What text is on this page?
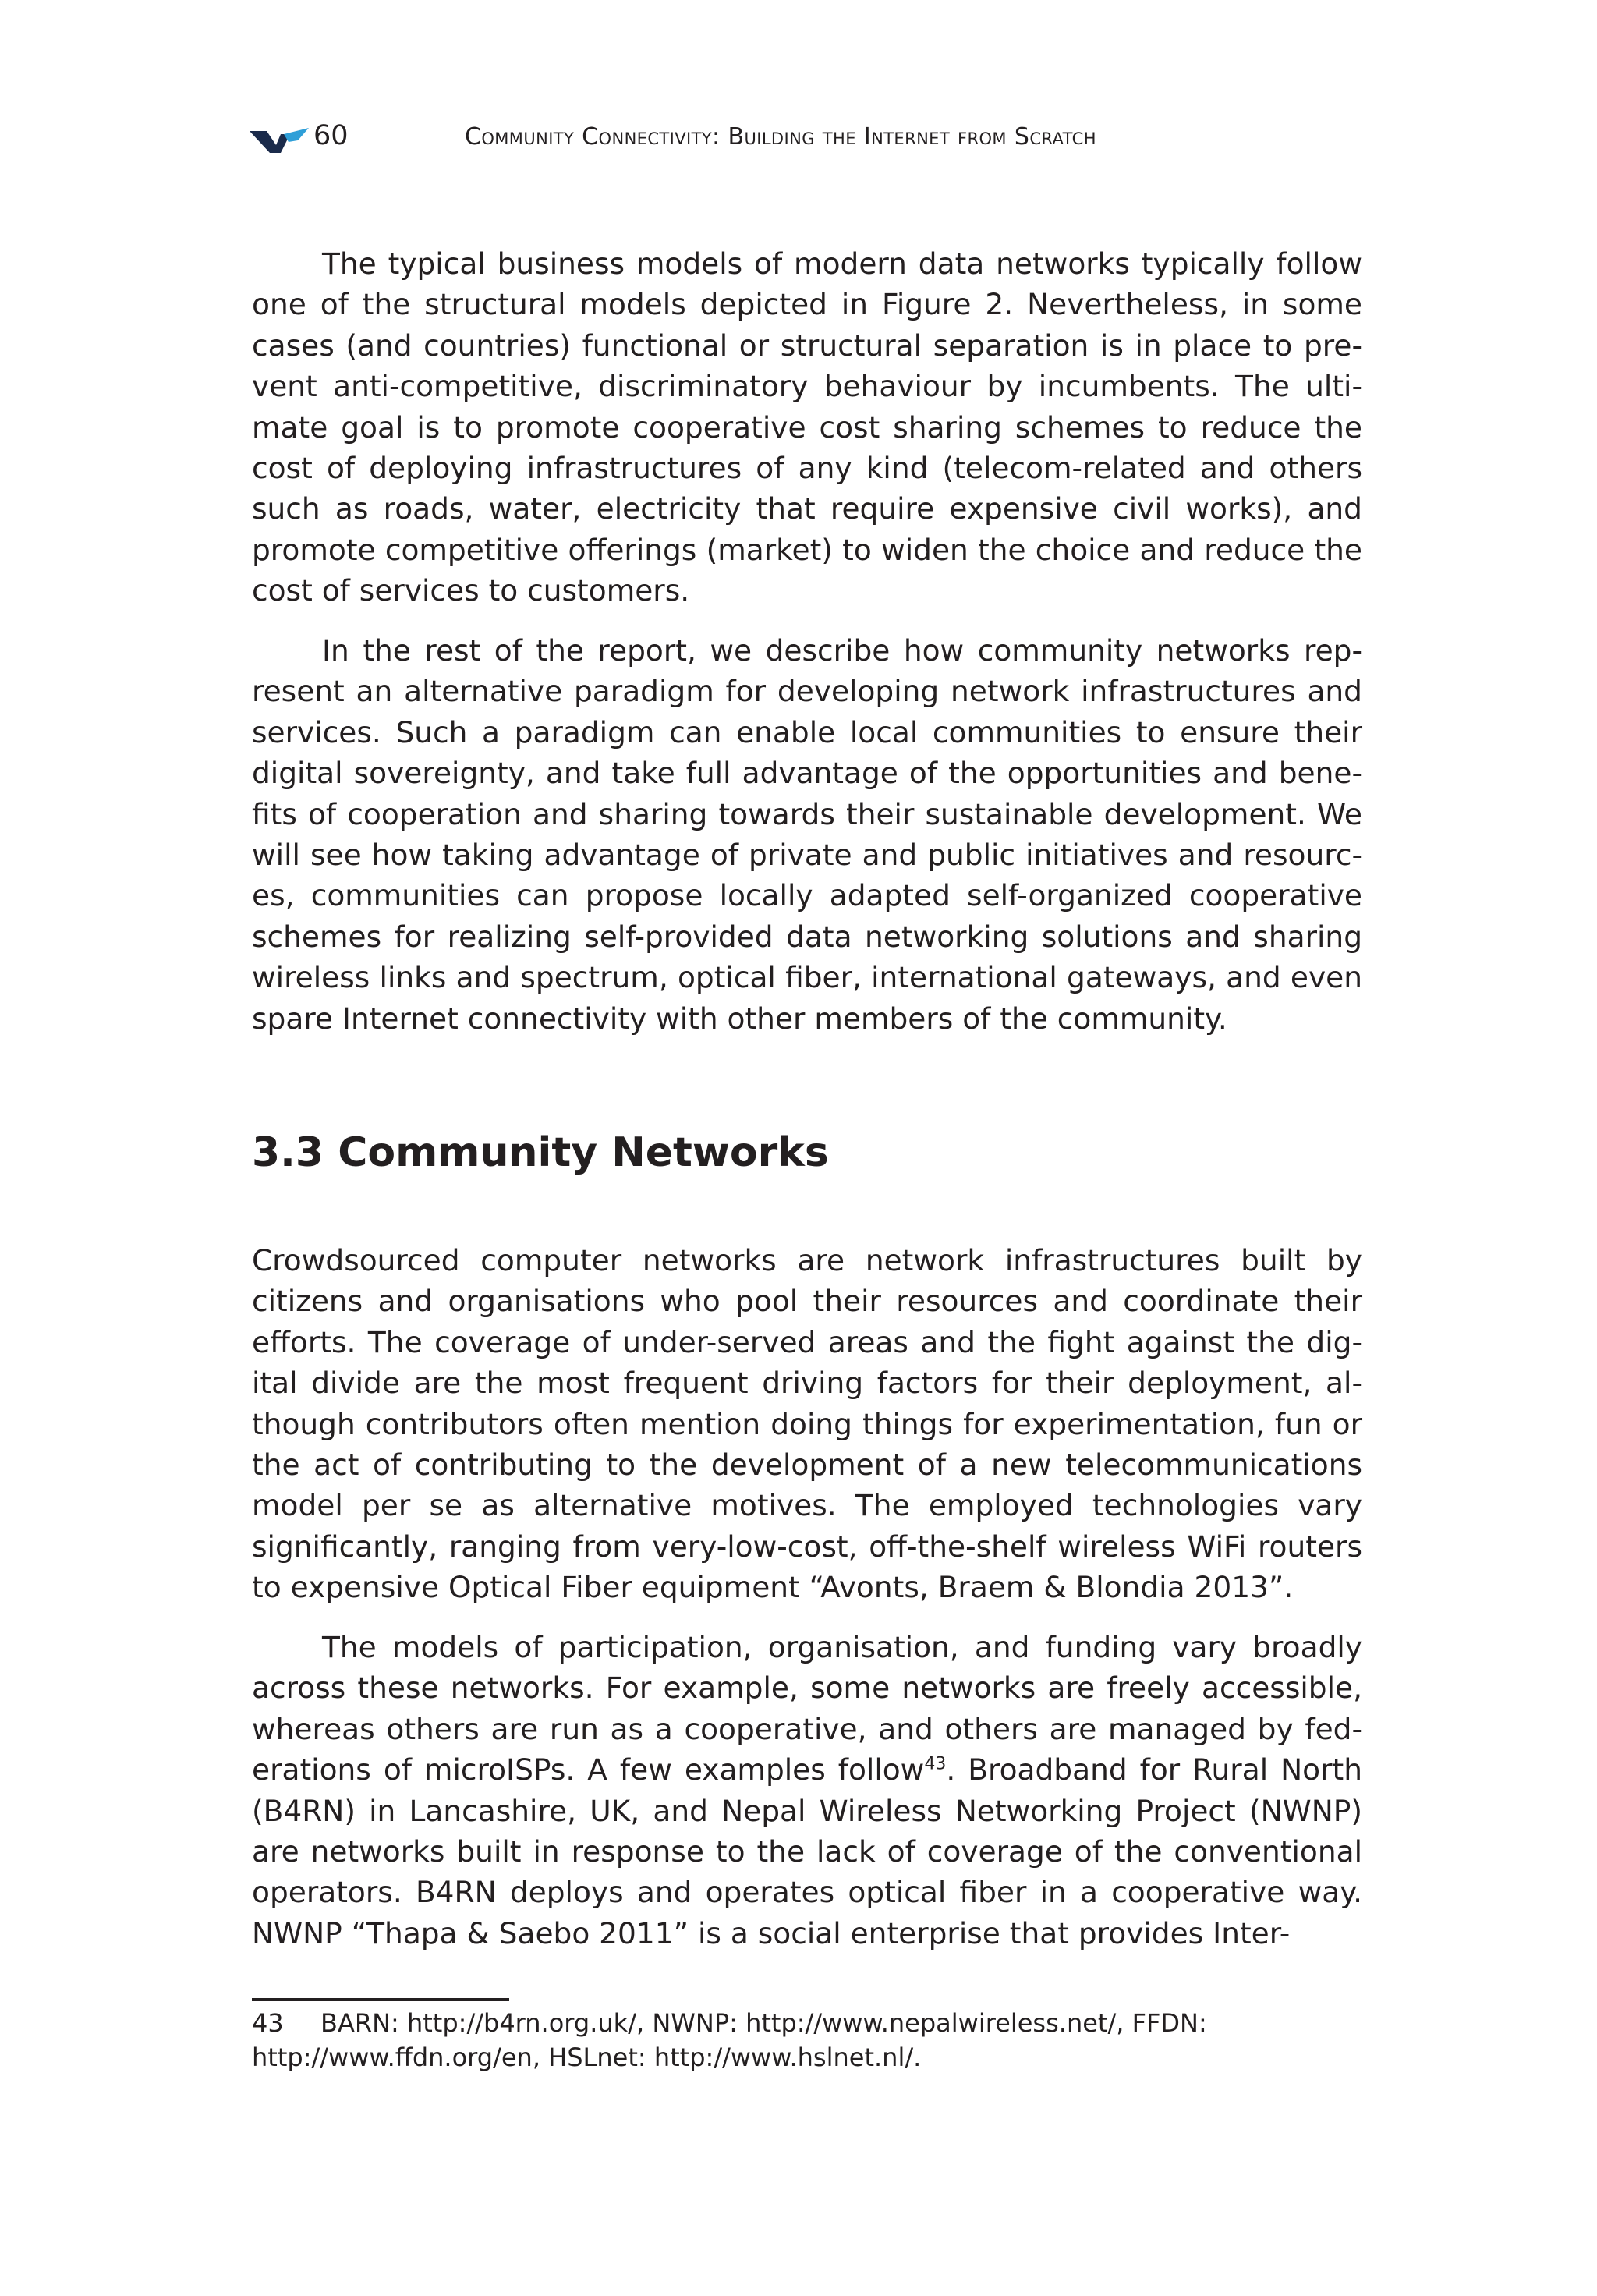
60	Community Connectivity: Building the Internet from Scratch

The typical business models of modern data networks typically follow one of the structural models depicted in Figure 2. Nevertheless, in some cases (and countries) functional or structural separation is in place to prevent anti-competitive, discriminatory behaviour by incumbents. The ultimate goal is to promote cooperative cost sharing schemes to reduce the cost of deploying infrastructures of any kind (telecom-related and others such as roads, water, electricity that require expensive civil works), and promote competitive offerings (market) to widen the choice and reduce the cost of services to customers.

In the rest of the report, we describe how community networks represent an alternative paradigm for developing network infrastructures and services. Such a paradigm can enable local communities to ensure their digital sovereignty, and take full advantage of the opportunities and benefits of cooperation and sharing towards their sustainable development. We will see how taking advantage of private and public initiatives and resources, communities can propose locally adapted self-organized cooperative schemes for realizing self-provided data networking solutions and sharing wireless links and spectrum, optical fiber, international gateways, and even spare Internet connectivity with other members of the community.

3.3 Community Networks

Crowdsourced computer networks are network infrastructures built by citizens and organisations who pool their resources and coordinate their efforts. The coverage of under-served areas and the fight against the digital divide are the most frequent driving factors for their deployment, although contributors often mention doing things for experimentation, fun or the act of contributing to the development of a new telecommunications model per se as alternative motives. The employed technologies vary significantly, ranging from very-low-cost, off-the-shelf wireless WiFi routers to expensive Optical Fiber equipment “Avonts, Braem & Blondia 2013”.

The models of participation, organisation, and funding vary broadly across these networks. For example, some networks are freely accessible, whereas others are run as a cooperative, and others are managed by federations of microISPs. A few examples follow$^{43}$. Broadband for Rural North (B4RN) in Lancashire, UK, and Nepal Wireless Networking Project (NWNP) are networks built in response to the lack of coverage of the conventional operators. B4RN deploys and operates optical fiber in a cooperative way. NWNP “Thapa & Saebo 2011” is a social enterprise that provides Inter-

43 BARN: http://b4rn.org.uk/, NWNP: http://www.nepalwireless.net/, FFDN: http://www.ffdn.org/en, HSLnet: http://www.hslnet.nl/.
